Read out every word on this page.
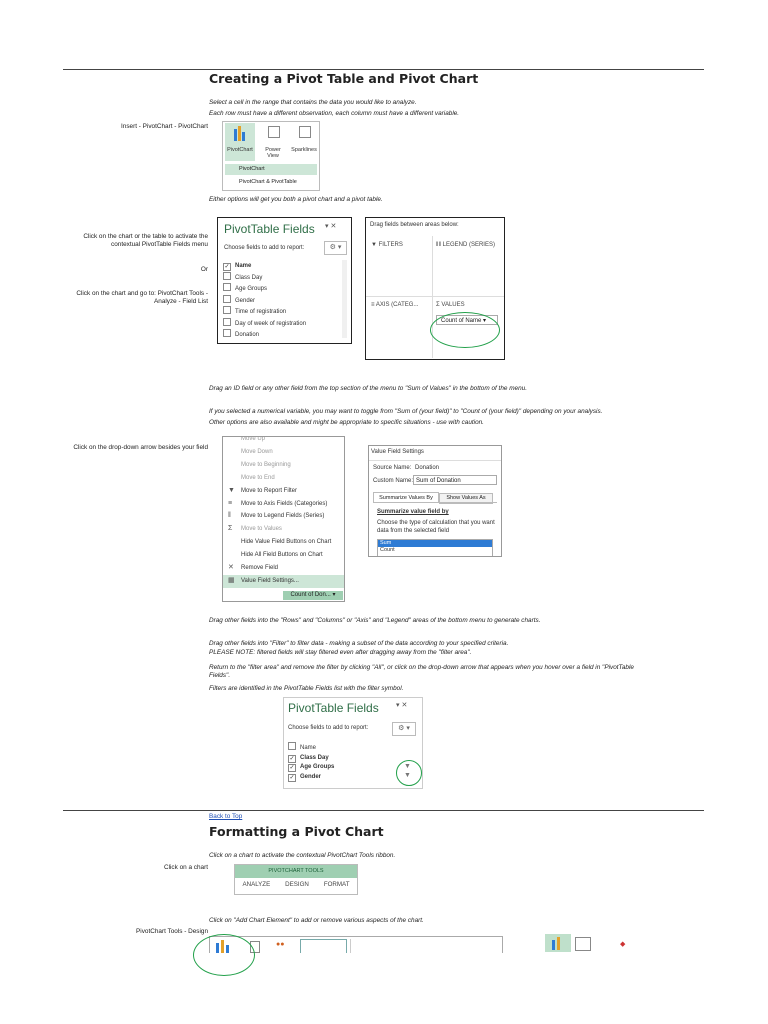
Creating a Pivot Table and Pivot Chart
Select a cell in the range that contains the data you would like to analyze.
Each row must have a different observation, each column must have a different variable.
Insert - PivotChart - PivotChart
PivotChart	Power
View
Sparklines
PivotChart
PivotChart & PivotTable
Either options will get you both a pivot chart and a pivot table.
Click on the chart or the table to activate the contextual PivotTable Fields menu
Or
Click on the chart and go to: PivotChart Tools - Analyze - Field List
PivotTable Fields ▾ ✕
Choose fields to add to report:	⚙ ▾
✓ Name
Class Day
Age Groups
Gender
Time of registration
Day of week of registration
Donation
Drag fields between areas below:
▼ FILTERS	‖‖ LEGEND (SERIES)
≡ AXIS (CATEG...	Σ VALUES
Count of Name ▾
Drag an ID field or any other field from the top section of the menu to "Sum of Values" in the bottom of the menu.
If you selected a numerical variable, you may want to toggle from "Sum of (your field)" to "Count of (your field)" depending on your analysis.
Other options are also available and might be appropriate to specific situations - use with caution.
Click on the drop-down arrow besides your field
Move Up
Move Down
Move to Beginning
Move to End
▼ Move to Report Filter
≡ Move to Axis Fields (Categories)
‖ Move to Legend Fields (Series)
Σ Move to Values
Hide Value Field Buttons on Chart
Hide All Field Buttons on Chart
✕ Remove Field
▦ Value Field Settings...
Count of Don... ▾
Value Field Settings
Source Name: Donation
Custom Name: Sum of Donation
Summarize Values By	Show Values As
Summarize value field by
Choose the type of calculation that you want
data from the selected field
Sum
Count
Drag other fields into the "Rows" and "Columns" or "Axis" and "Legend" areas of the bottom menu to generate charts.
Drag other fields into "Filter" to filter data - making a subset of the data according to your specified criteria.
PLEASE NOTE: filtered fields will stay filtered even after dragging away from the "filter area".
Return to the "filter area" and remove the filter by clicking "All", or click on the drop-down arrow that appears when you hover over a field in "PivotTable
Fields".
Filters are identified in the PivotTable Fields list with the filter symbol.
PivotTable Fields ▾ ✕
Choose fields to add to report:	⚙ ▾
Name
✓ Class Day
✓ Age Groups
✓ Gender
▼
▼
Back to Top
Formatting a Pivot Chart
Click on a chart to activate the contextual PivotChart Tools ribbon.
Click on a chart	PIVOTCHART TOOLS
ANALYZE DESIGN FORMAT
Click on "Add Chart Element" to add or remove various aspects of the chart.
PivotChart Tools - Design
●●	◆
